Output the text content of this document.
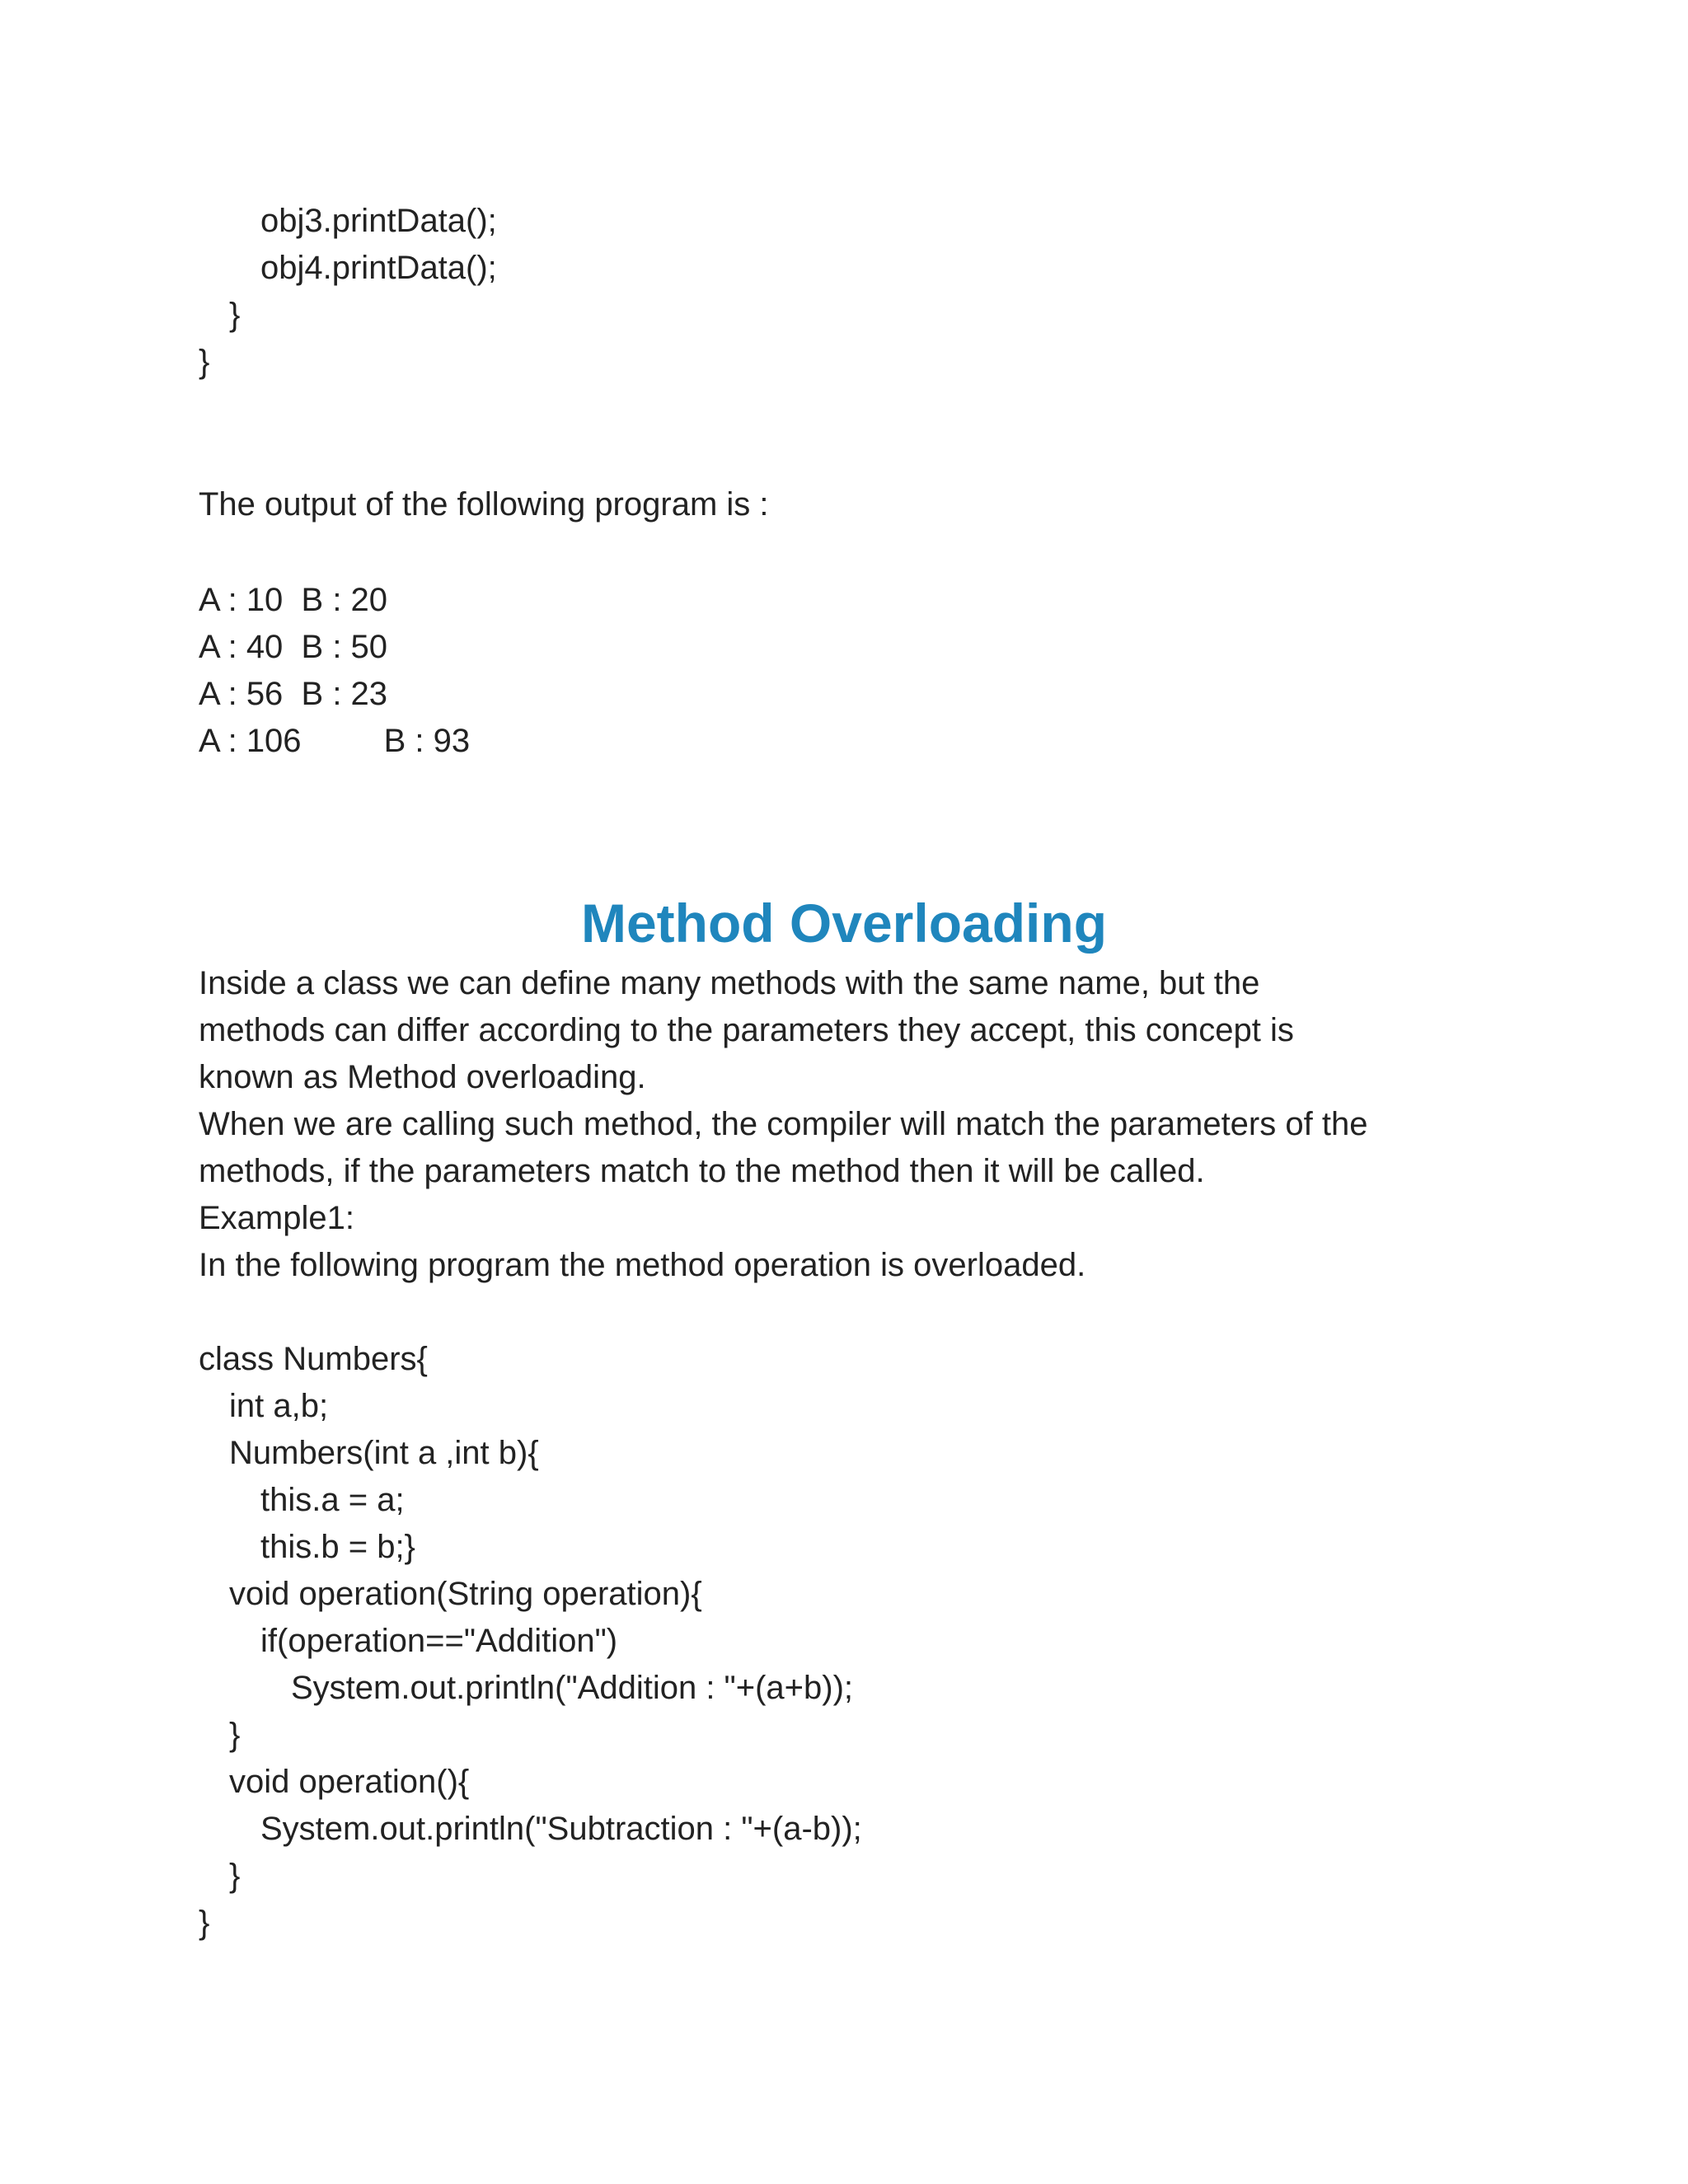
obj3.printData();

obj4.printData();

}

}

The output of the following program is :

A : 10  B : 20

A : 40  B : 50

A : 56  B : 23

A : 106         B : 93

Method Overloading

Inside a class we can define many methods with the same name, but the

methods can differ according to the parameters they accept, this concept is

known as Method overloading.

When we are calling such method, the compiler will match the parameters of the

methods, if the parameters match to the method then it will be called.

Example1:

In the following program the method operation is overloaded.

class Numbers{

int a,b;

Numbers(int a ,int b){

this.a = a;

this.b = b;}

void operation(String operation){

if(operation=="Addition")

System.out.println("Addition : "+(a+b));

}

void operation(){

System.out.println("Subtraction : "+(a-b));

}

}
